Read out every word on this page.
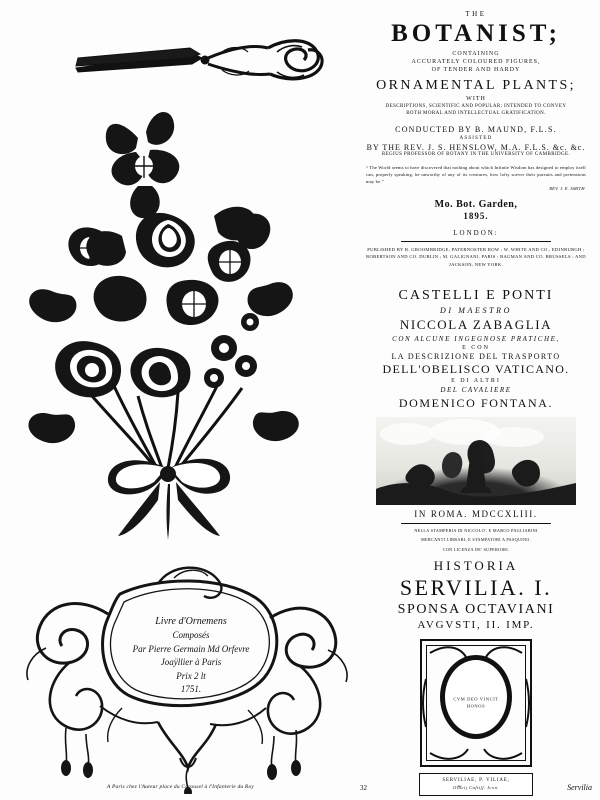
THE
BOTANIST;
CONTAINING
ACCURATELY COLOURED FIGURES,
OF TENDER AND HARDY
ORNAMENTAL PLANTS;
WITH
DESCRIPTIONS, SCIENTIFIC AND POPULAR; INTENDED TO CONVEY
BOTH MORAL AND INTELLECTUAL GRATIFICATION.
CONDUCTED BY B. MAUND, F.L.S.
ASSISTED
BY THE REV. J. S. HENSLOW, M.A. F.L.S. &c. &c.
REGIUS PROFESSOR OF BOTANY IN THE UNIVERSITY OF CAMBRIDGE.
“ The World seems to have discovered that nothing about which Infinite Wisdom has designed to employ itself can, properly speaking, be unworthy of any of its creatures, how lofty soever their pursuits and pretensions may be.”
REV. J. E. SMITH.
Mo. Bot. Garden,
1895.
LONDON:
PUBLISHED BY R. GROOMBRIDGE, PATERNOSTER ROW ; W. WHITE AND CO., EDINBURGH ; ROBERTSON AND CO. DUBLIN ; M. GALIGNANI, PARIS ; BAGMAN AND CO. BRUSSELS ; AND JACKSON, NEW YORK.
CASTELLI E PONTI
DI MAESTRO
NICCOLA ZABAGLIA
CON ALCUNE INGEGNOSE PRATICHE,
E CON
LA DESCRIZIONE DEL TRASPORTO
DELL'OBELISCO VATICANO.
E DI ALTRI
DEL CAVALIERE
DOMENICO FONTANA.
IN ROMA. MDCCXLIII.
NELLA STAMPERIA DI NICCOLO', E MARCO PAGLIARINI
MERCANTI LIBRARI, E STAMPATORI A PASQUINO.
CON LICENZA DE' SUPERIORI.
Livre d'Ornemens
Composés
Par Pierre Germain Md Orfevre
Joaÿllier à Paris
Prix 2 lt
1751.
A Paris chez l'Auteur place du Carousel à l'Infanterie du Roy
HISTORIA
SERVILIA. I.
SPONSA OCTAVIANI
AVGVSTI, II. IMP.
CVM DEO VINCIT HONOS
SERVILIAE, P. VILIAE,
Oﬃcij Caſtiſſ. Icon.
32	Servilia
